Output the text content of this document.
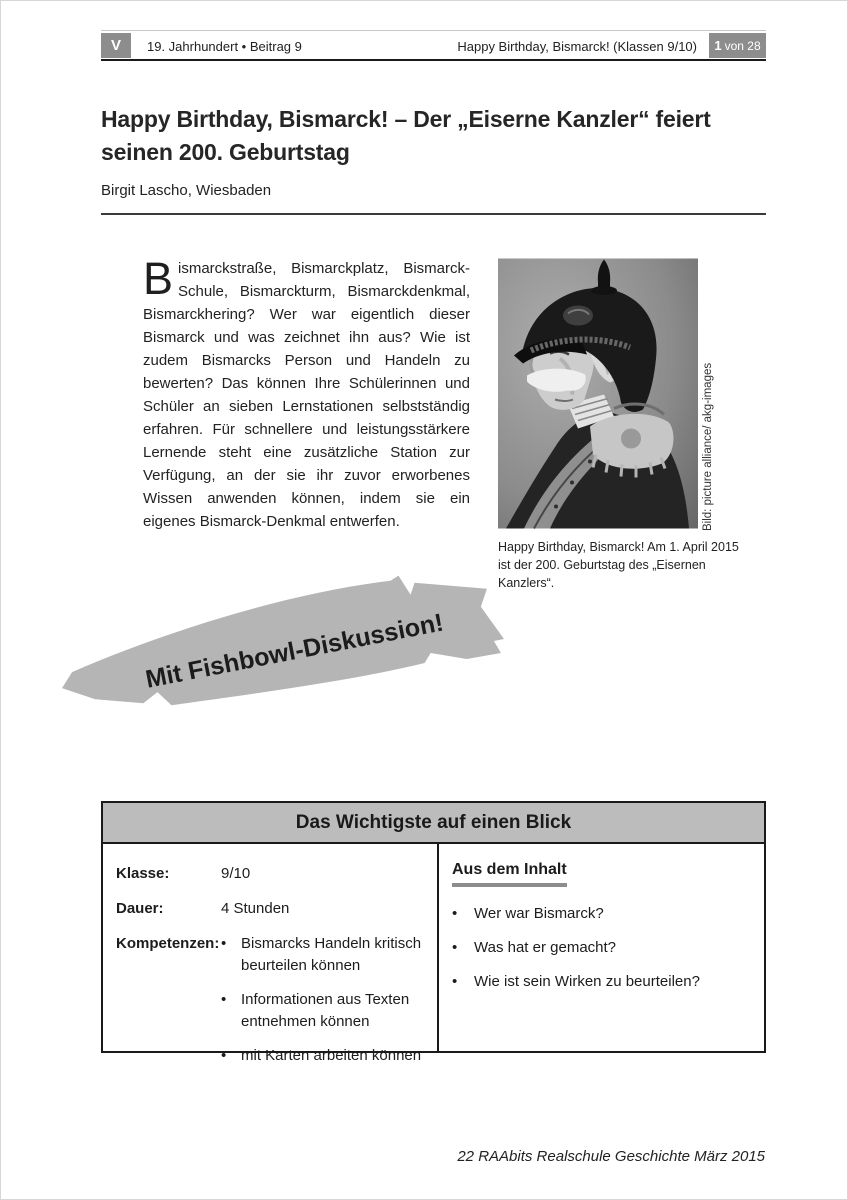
V	19. Jahrhundert • Beitrag 9	Happy Birthday, Bismarck! (Klassen 9/10) 1 von 28
Happy Birthday, Bismarck! – Der „Eiserne Kanzler“ feiert seinen 200. Geburtstag
Birgit Lascho, Wiesbaden

Bismarckstraße, Bismarckplatz, Bismarck-Schule, Bismarckturm, Bismarckdenkmal, Bismarckhering? Wer war eigentlich dieser Bismarck und was zeichnet ihn aus? Wie ist zudem Bismarcks Person und Handeln zu bewerten? Das können Ihre Schülerinnen und Schüler an sieben Lernstationen selbstständig erfahren. Für schnellere und leistungsstärkere Lernende steht eine zusätzliche Station zur Verfügung, an der sie ihr zuvor erworbenes Wissen anwenden können, indem sie ein eigenes Bismarck-Denkmal entwerfen.	Bild: picture alliance/ akg-images
Happy Birthday, Bismarck! Am 1. April 2015 ist der 200. Geburtstag des „Eisernen Kanzlers“.
Mit Fishbowl-Diskussion!
Das Wichtigste auf einen Blick
Klasse:	9/10
Dauer:	4 Stunden
Kompetenzen:	• Bismarcks Handeln kritisch beurteilen können
• Informationen aus Texten entnehmen können
• mit Karten arbeiten können
Aus dem Inhalt
• Wer war Bismarck?
• Was hat er gemacht?
• Wie ist sein Wirken zu beurteilen?
22 RAAbits Realschule Geschichte März 2015
